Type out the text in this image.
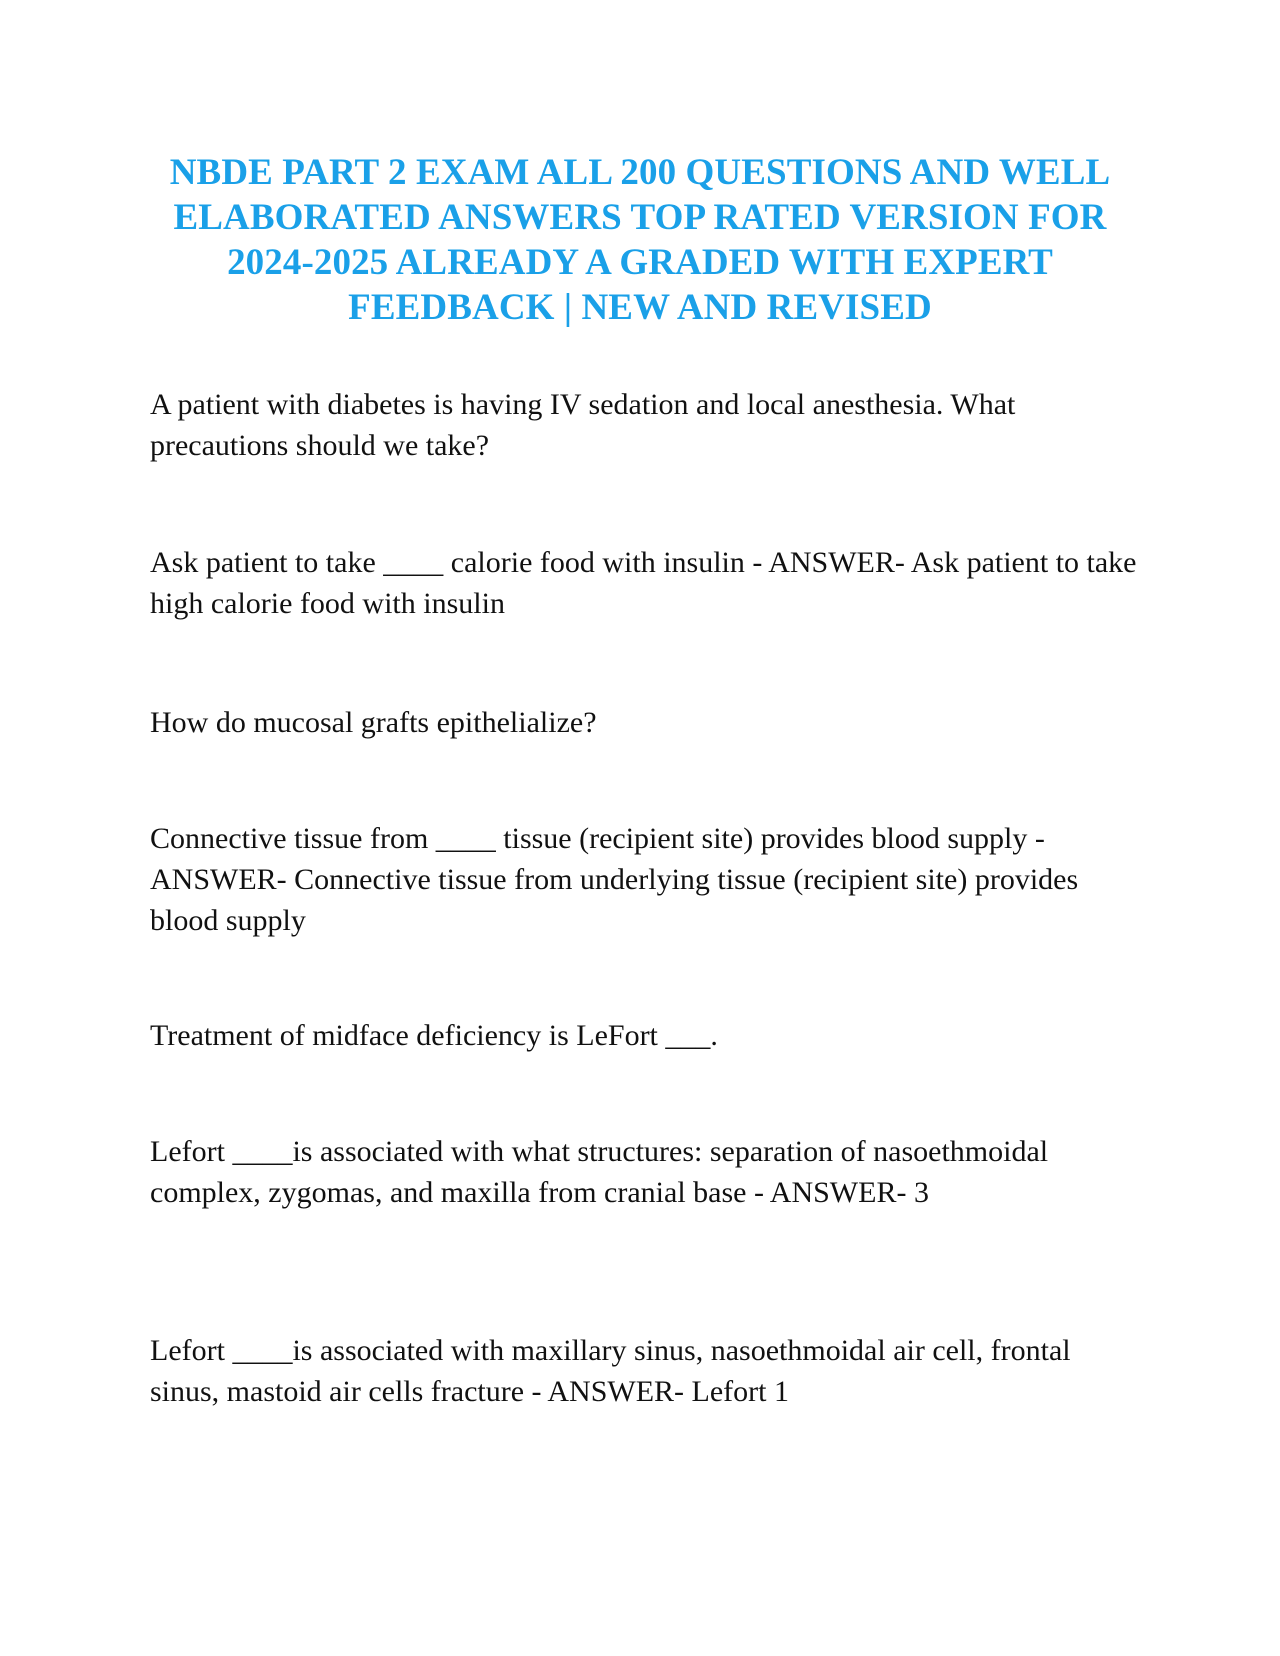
NBDE PART 2 EXAM ALL 200 QUESTIONS AND WELL ELABORATED ANSWERS TOP RATED VERSION FOR 2024-2025 ALREADY A GRADED WITH EXPERT FEEDBACK | NEW AND REVISED

A patient with diabetes is having IV sedation and local anesthesia. What precautions should we take?

Ask patient to take ____ calorie food with insulin - ANSWER- Ask patient to take high calorie food with insulin

How do mucosal grafts epithelialize?

Connective tissue from ____ tissue (recipient site) provides blood supply - ANSWER- Connective tissue from underlying tissue (recipient site) provides blood supply

Treatment of midface deficiency is LeFort ___.

Lefort ____is associated with what structures: separation of nasoethmoidal complex, zygomas, and maxilla from cranial base - ANSWER- 3

Lefort ____is associated with maxillary sinus, nasoethmoidal air cell, frontal sinus, mastoid air cells fracture - ANSWER- Lefort 1
